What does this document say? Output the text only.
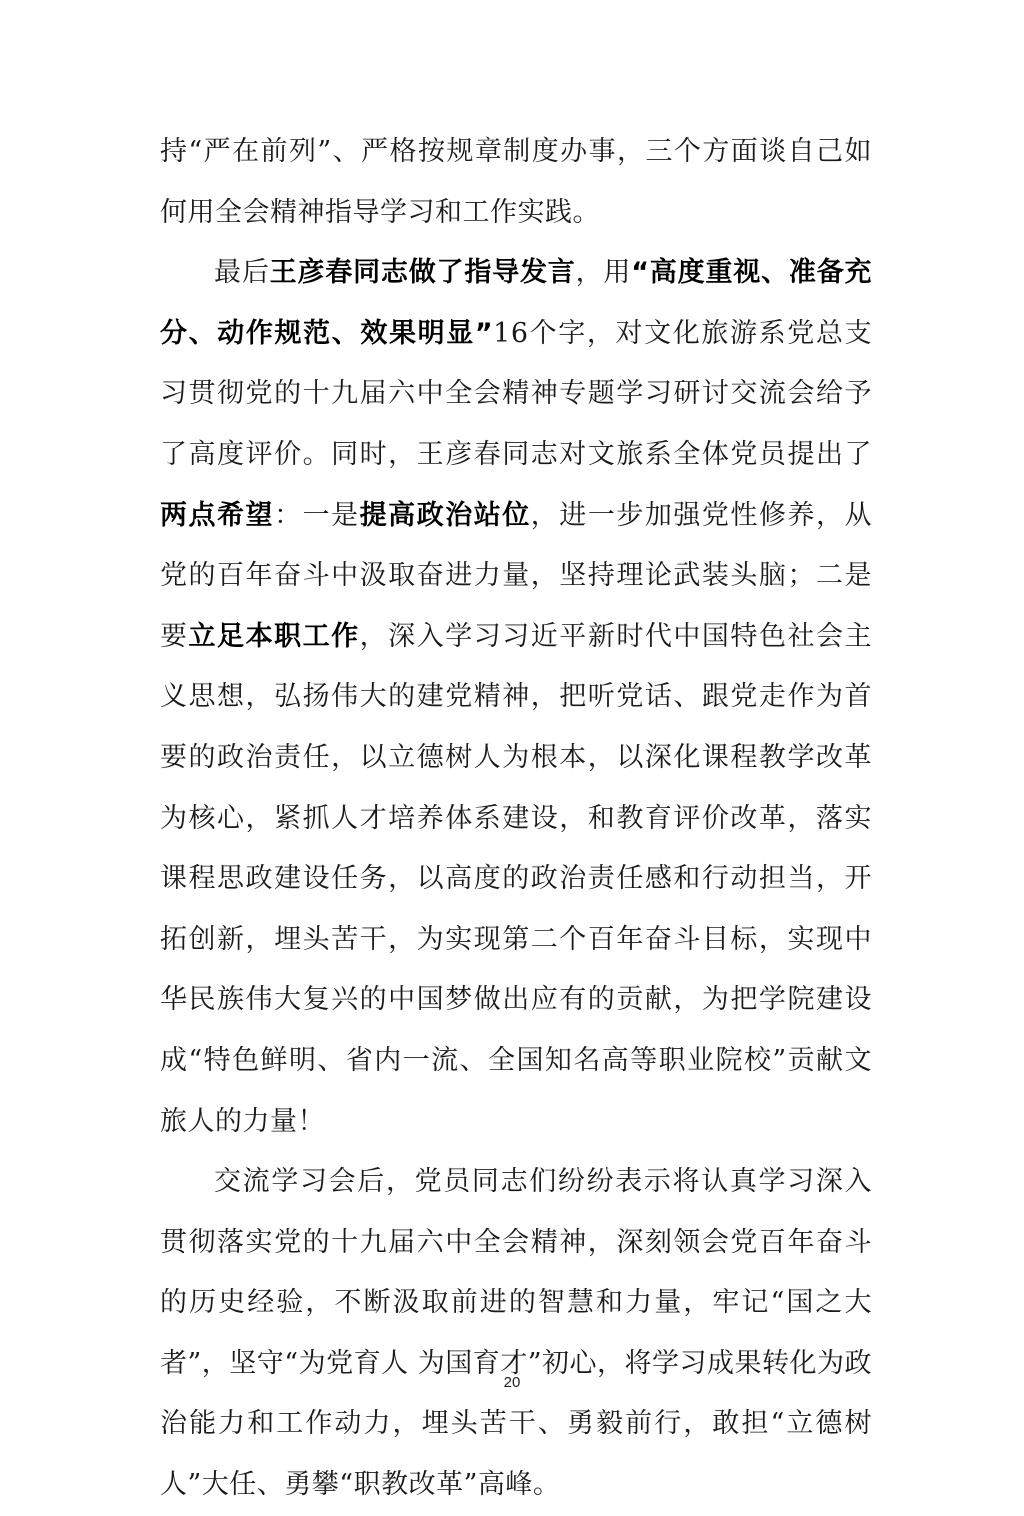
持“严在前列”、严格按规章制度办事，三个方面谈自己如何用全会精神指导学习和工作实践。

最后王彦春同志做了指导发言，用“高度重视、准备充分、动作规范、效果明显”16个字，对文化旅游系党总支习贯彻党的十九届六中全会精神专题学习研讨交流会给予了高度评价。同时，王彦春同志对文旅系全体党员提出了两点希望：一是提高政治站位，进一步加强党性修养，从党的百年奋斗中汲取奋进力量，坚持理论武装头脑；二是要立足本职工作，深入学习习近平新时代中国特色社会主义思想，弘扬伟大的建党精神，把听党话、跟党走作为首要的政治责任，以立德树人为根本，以深化课程教学改革为核心，紧抓人才培养体系建设，和教育评价改革，落实课程思政建设任务，以高度的政治责任感和行动担当，开拓创新，埋头苦干，为实现第二个百年奋斗目标，实现中华民族伟大复兴的中国梦做出应有的贡献，为把学院建设成“特色鲜明、省内一流、全国知名高等职业院校”贡献文旅人的力量！

交流学习会后，党员同志们纷纷表示将认真学习深入贯彻落实党的十九届六中全会精神，深刻领会党百年奋斗的历史经验，不断汲取前进的智慧和力量，牢记“国之大者”，坚守“为党育人 为国育才”初心，将学习成果转化为政治能力和工作动力，埋头苦干、勇毅前行，敢担“立德树人”大任、勇攀“职教改革”高峰。

20
